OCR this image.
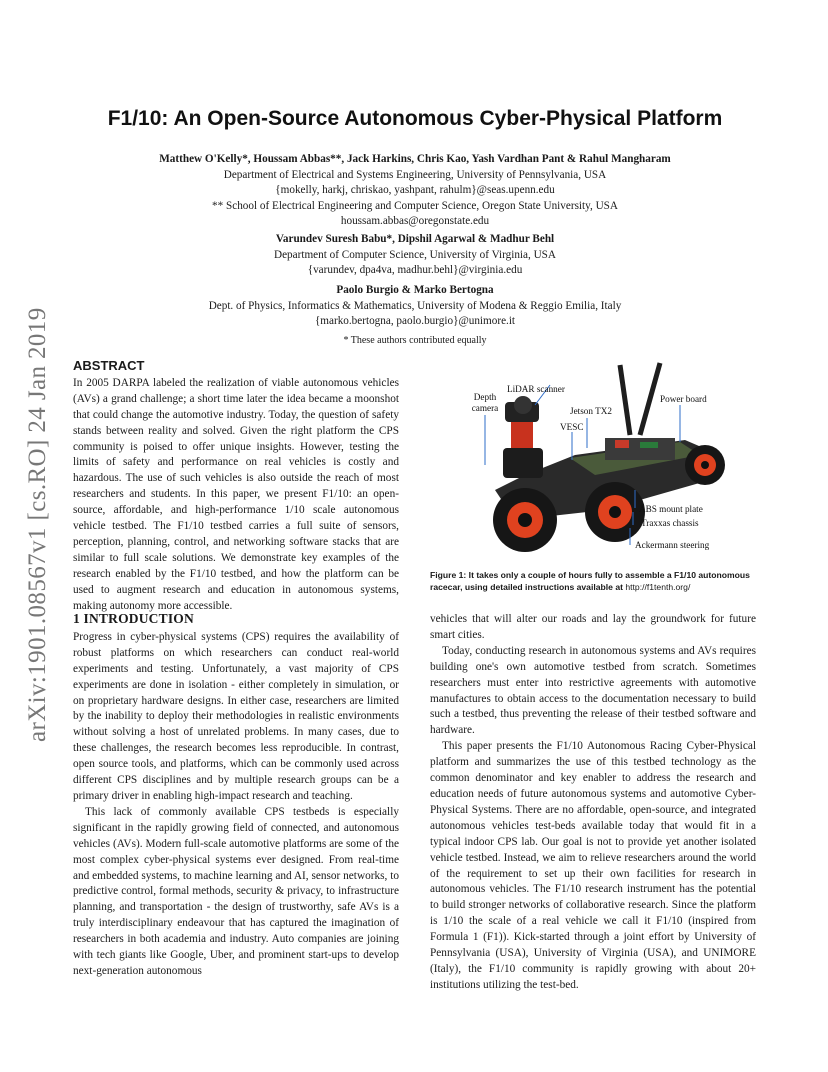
arXiv:1901.08567v1 [cs.RO] 24 Jan 2019
F1/10: An Open-Source Autonomous Cyber-Physical Platform
Matthew O'Kelly*, Houssam Abbas**, Jack Harkins, Chris Kao, Yash Vardhan Pant & Rahul Mangharam
Department of Electrical and Systems Engineering, University of Pennsylvania, USA
{mokelly, harkj, chriskao, yashpant, rahulm}@seas.upenn.edu
** School of Electrical Engineering and Computer Science, Oregon State University, USA
houssam.abbas@oregonstate.edu
Varundev Suresh Babu*, Dipshil Agarwal & Madhur Behl
Department of Computer Science, University of Virginia, USA
{varundev, dpa4va, madhur.behl}@virginia.edu
Paolo Burgio & Marko Bertogna
Dept. of Physics, Informatics & Mathematics, University of Modena & Reggio Emilia, Italy
{marko.bertogna, paolo.burgio}@unimore.it
* These authors contributed equally

ABSTRACT

In 2005 DARPA labeled the realization of viable autonomous vehicles (AVs) a grand challenge; a short time later the idea became a moonshot that could change the automotive industry. Today, the question of safety stands between reality and solved. Given the right platform the CPS community is poised to offer unique insights. However, testing the limits of safety and performance on real vehicles is costly and hazardous. The use of such vehicles is also outside the reach of most researchers and students. In this paper, we present F1/10: an open-source, affordable, and high-performance 1/10 scale autonomous vehicle testbed. The F1/10 testbed carries a full suite of sensors, perception, planning, control, and networking software stacks that are similar to full scale solutions. We demonstrate key examples of the research enabled by the F1/10 testbed, and how the platform can be used to augment research and education in autonomous systems, making autonomy more accessible.

1 INTRODUCTION

Progress in cyber-physical systems (CPS) requires the availability of robust platforms on which researchers can conduct real-world experiments and testing. Unfortunately, a vast majority of CPS experiments are done in isolation - either completely in simulation, or on proprietary hardware designs. In either case, researchers are limited by the inability to deploy their methodologies in realistic environments without solving a host of unrelated problems. In many cases, due to these challenges, the research becomes less reproducible. In contrast, open source tools, and platforms, which can be commonly used across different CPS disciplines and by multiple research groups can be a primary driver in enabling high-impact research and teaching.

This lack of commonly available CPS testbeds is especially significant in the rapidly growing field of connected, and autonomous vehicles (AVs). Modern full-scale automotive platforms are some of the most complex cyber-physical systems ever designed. From real-time and embedded systems, to machine learning and AI, sensor networks, to predictive control, formal methods, security & privacy, to infrastructure planning, and transportation - the design of trustworthy, safe AVs is a truly interdisciplinary endeavour that has captured the imagination of researchers in both academia and industry. Auto companies are joining with tech giants like Google, Uber, and prominent start-ups to develop next-generation autonomous

LiDAR scanner
Depth camera	Jetson TX2
Power board
VESC
ABS mount plate
Traxxas chassis
Ackermann steering
Figure 1: It takes only a couple of hours fully to assemble a F1/10 autonomous racecar, using detailed instructions available at http://f1tenth.org/

vehicles that will alter our roads and lay the groundwork for future smart cities.

Today, conducting research in autonomous systems and AVs requires building one's own automotive testbed from scratch. Sometimes researchers must enter into restrictive agreements with automotive manufactures to obtain access to the documentation necessary to build such a testbed, thus preventing the release of their testbed software and hardware.

This paper presents the F1/10 Autonomous Racing Cyber-Physical platform and summarizes the use of this testbed technology as the common denominator and key enabler to address the research and education needs of future autonomous systems and automotive Cyber-Physical Systems. There are no affordable, open-source, and integrated autonomous vehicles test-beds available today that would fit in a typical indoor CPS lab. Our goal is not to provide yet another isolated vehicle testbed. Instead, we aim to relieve researchers around the world of the requirement to set up their own facilities for research in autonomous vehicles. The F1/10 research instrument has the potential to build stronger networks of collaborative research. Since the platform is 1/10 the scale of a real vehicle we call it F1/10 (inspired from Formula 1 (F1)). Kick-started through a joint effort by University of Pennsylvania (USA), University of Virginia (USA), and UNIMORE (Italy), the F1/10 community is rapidly growing with about 20+ institutions utilizing the test-bed.
